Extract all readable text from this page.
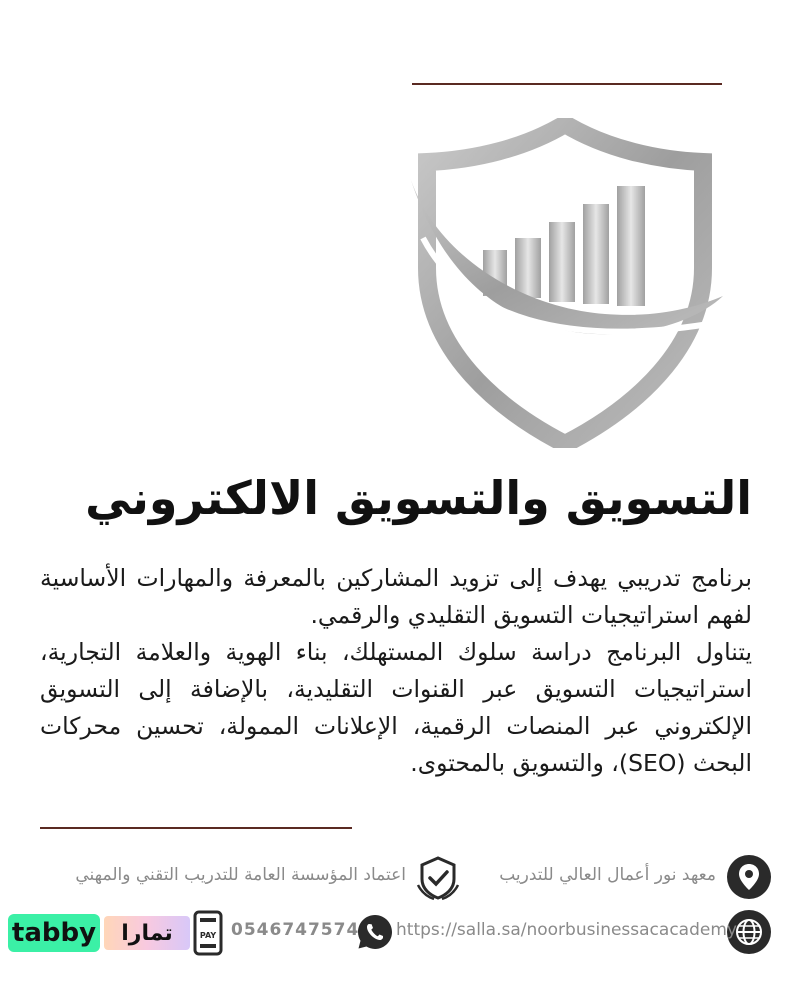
التسويق والتسويق الالكتروني

برنامج تدريبي يهدف إلى تزويد المشاركين بالمعرفة والمهارات الأساسية لفهم استراتيجيات التسويق التقليدي والرقمي.

يتناول البرنامج دراسة سلوك المستهلك، بناء الهوية والعلامة التجارية، استراتيجيات التسويق عبر القنوات التقليدية، بالإضافة إلى التسويق الإلكتروني عبر المنصات الرقمية، الإعلانات الممولة، تحسين محركات البحث (SEO)، والتسويق بالمحتوى.

معهد نور أعمال العالي للتدريب
اعتماد المؤسسة العامة للتدريب التقني والمهني
https://salla.sa/noorbusinessacacademy
0546747574
PAY
تمارا
tabby
